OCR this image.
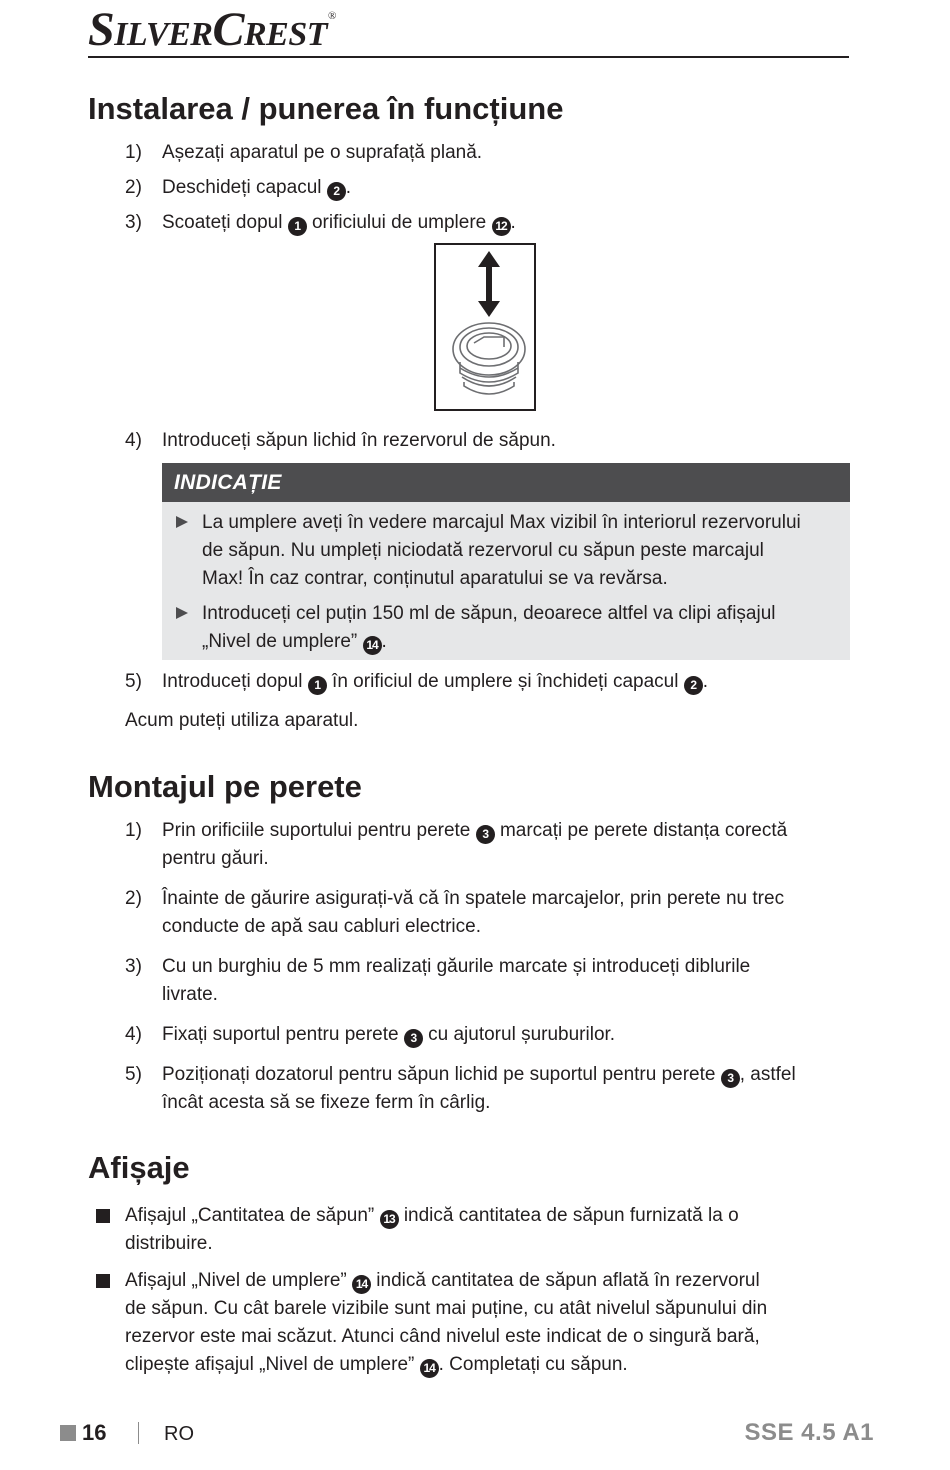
SILVERCREST®
Instalarea / punerea în funcțiune
1) Așezați aparatul pe o suprafață plană.
2) Deschideți capacul 2 .
3) Scoateți dopul 1 orificiului de umplere 12 .
4) Introduceți săpun lichid în rezervorul de săpun.
INDICAȚIE
La umplere aveți în vedere marcajul Max vizibil în interiorul rezervorului
de săpun. Nu umpleți niciodată rezervorul cu săpun peste marcajul
Max! În caz contrar, conținutul aparatului se va revărsa.
Introduceți cel puțin 150 ml de săpun, deoarece altfel va clipi afișajul
„Nivel de umplere” 14 .
5) Introduceți dopul 1 în orificiul de umplere și închideți capacul 2 .
Acum puteți utiliza aparatul.
Montajul pe perete
1) Prin orificiile suportului pentru perete 3 marcați pe perete distanța corectă
pentru găuri.
2) Înainte de găurire asigurați-vă că în spatele marcajelor, prin perete nu trec
conducte de apă sau cabluri electrice.
3) Cu un burghiu de 5 mm realizați găurile marcate și introduceți diblurile
livrate.
4) Fixați suportul pentru perete 3 cu ajutorul șuruburilor.
5) Poziționați dozatorul pentru săpun lichid pe suportul pentru perete 3 , astfel
încât acesta să se fixeze ferm în cârlig.
Afișaje
Afișajul „Cantitatea de săpun” 13 indică cantitatea de săpun furnizată la o
distribuire.
Afișajul „Nivel de umplere” 14 indică cantitatea de săpun aflată în rezervorul
de săpun. Cu cât barele vizibile sunt mai puține, cu atât nivelul săpunului din
rezervor este mai scăzut. Atunci când nivelul este indicat de o singură bară,
clipește afișajul „Nivel de umplere” 14 . Completați cu săpun.
16	RO	SSE 4.5 A1
